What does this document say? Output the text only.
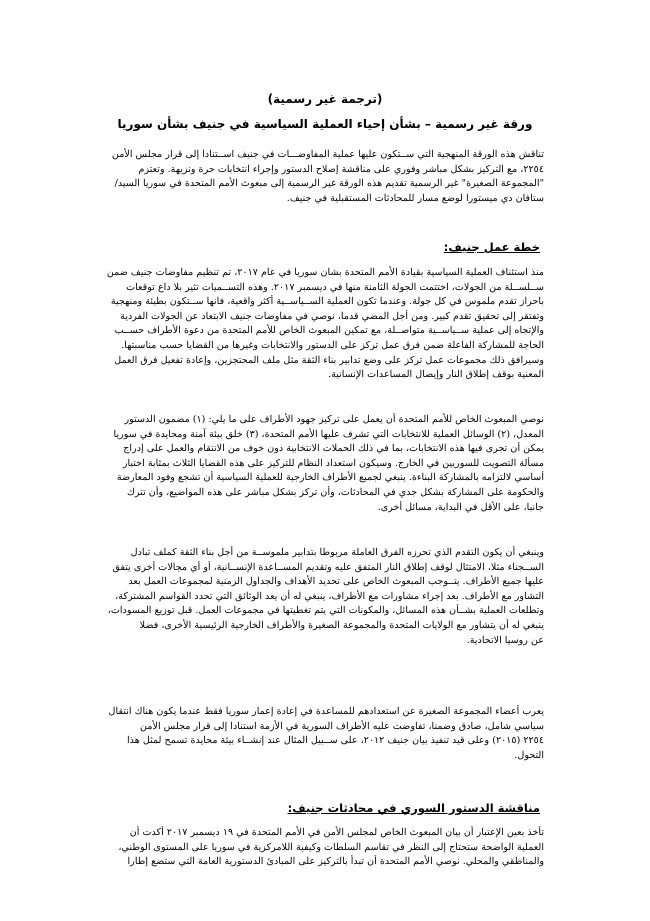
(ترجمة غير رسمية)
ورقة غير رسمية – بشأن إحياء العملية السياسية في جنيف بشأن سوريا
تناقش هذه الورقة المنهجية التي ســتكون عليها عملية المفاوضـــات في جنيف اســتنادا إلى قرار مجلس الأمن
٢٢٥٤، مع التركيز بشكل مباشر وفوري على مناقشة إصلاح الدستور وإجراء انتخابات حرة ونزيهة. وتعتزم
"المجموعة الصغيرة" غير الرسمية تقديم هذه الورقة غير الرسمية إلى مبعوث الأمم المتحدة في سوريا السيد/
ستافان دي ميستورا لوضع مسار للمحادثات المستقبلية في جنيف.
خطة عمل جنيف:
منذ استئناف العملية السياسية بقيادة الأمم المتحدة بشان سوريا في عام ٢٠١٧، تم تنظيم مفاوضات جنيف ضمن
ســلســلة من الجولات، اختتمت الجولة الثامنة منها في ديسمبر ٢٠١٧. وهذه التســميات تثير بلا داع توقعات
باحراز تقدم ملموس في كل جولة. وعندما تكون العملية الســياســية أكثر واقعية، فانها ســتكون بطيئة ومنهجية
وتفتقر إلى تحقيق تقدم كبير. ومن أجل المضي قدما، نوصي في مفاوضات جنيف الابتعاد عن الجولات الفردية
والإتجاه إلى عملية ســياســية متواصــلة، مع تمكين المبعوث الخاص للأمم المتحدة من دعوة الأطراف حســب
الحاجة للمشاركة الفاعلة ضمن فرق عمل تركز على الدستور والانتخابات وغيرها من القضايا حسب مناسبتها.
وسيرافق ذلك مجموعات عمل تركز على وضع تدابير بناء الثقة مثل ملف المحتجزين، وإعادة تفعيل فرق العمل
المعنية بوقف إطلاق النار وإيصال المساعدات الإنسانية.
نوصي المبعوث الخاص للأمم المتحدة أن يعمل على تركيز جهود الأطراف على ما يلي: (١) مضمون الدستور
المعدل، (٢) الوسائل العملية للانتخابات التي تشرف عليها الأمم المتحدة، (٣) خلق بيئة آمنة ومحايدة في سوريا
يمكن أن تجرى فيها هذه الانتخابات، بما في ذلك الحملات الانتخابية دون خوف من الانتقام والعمل على إدراج
مسألة التصويت للسوريين في الخارج. وسيكون استعداد النظام للتركيز على هذه القضايا الثلاث بمثابة اختبار
أساسي لالتزامه بالمشاركة البناءة. ينبغي لجميع الأطراف الخارجية للعملية السياسية أن تشجع وفود المعارضة
والحكومة على المشاركة بشكل جدي في المحادثات، وأن تركز بشكل مباشر على هذه المواضيع، وأن تترك
جانبا، على الأقل في البداية، مسائل أخرى.
وينبغي أن يكون التقدم الذي تحرزه الفرق العاملة مربوطا بتدابير ملموســة من أجل بناء الثقة كملف تبادل
الســجناء مثلا، الامتثال لوقف إطلاق النار المتفق عليه وتقديم المســاعدة الإنســانية، أو أي مجالات أخرى يتفق
عليها جميع الأطراف. يتــوجب المبعوث الخاص على تحديد الأهداف والجداول الزمنية لمجموعات العمل بعد
التشاور مع الأطراف. بعد إجراء مشاورات مع الأطراف، ينبغي له أن يعد الوثائق التي تحدد القواسم المشتركة،
وتطلعات العملية بشــأن هذه المسائل، والمكونات التي يتم تغطيتها في مجموعات العمل. قبل توزيع المسودات،
ينبغي له أن يتشاور مع الولايات المتحدة والمجموعة الصغيرة والأطراف الخارجية الرئيسية الأخرى، فضلا
عن روسيا الاتحادية.
يعرب أعضاء المجموعة الصغيرة عن استعدادهم للمساعدة في إعادة إعمار سوريا فقط عندما يكون هناك انتقال
سياسي شامل، صادق وضمنا، تفاوضت عليه الأطراف السورية في الأزمة استنادا إلى قرار مجلس الأمن
٢٢٥٤ (٢٠١٥) وعلى قيد تنفيذ بيان جنيف ٢٠١٢، على ســبيل المثال عند إنشــاء بيئة محايدة تسمح لمثل هذا
التحول.
مناقشة الدستور السوري في محادثات جنيف:
تأخذ بعين الإعتبار أن بيان المبعوث الخاص لمجلس الأمن في الأمم المتحدة في ١٩ ديسمبر ٢٠١٧ أكدت أن
العملية الواضحة ستحتاج إلى النظر في تقاسم السلطات وكيفية اللامركزية في سوريا على المستوى الوطني،
والمناطقي والمحلي. نوصي الأمم المتحدة أن تبدأ بالتركيز على المبادئ الدستورية العامة التي ستضع إطارا
